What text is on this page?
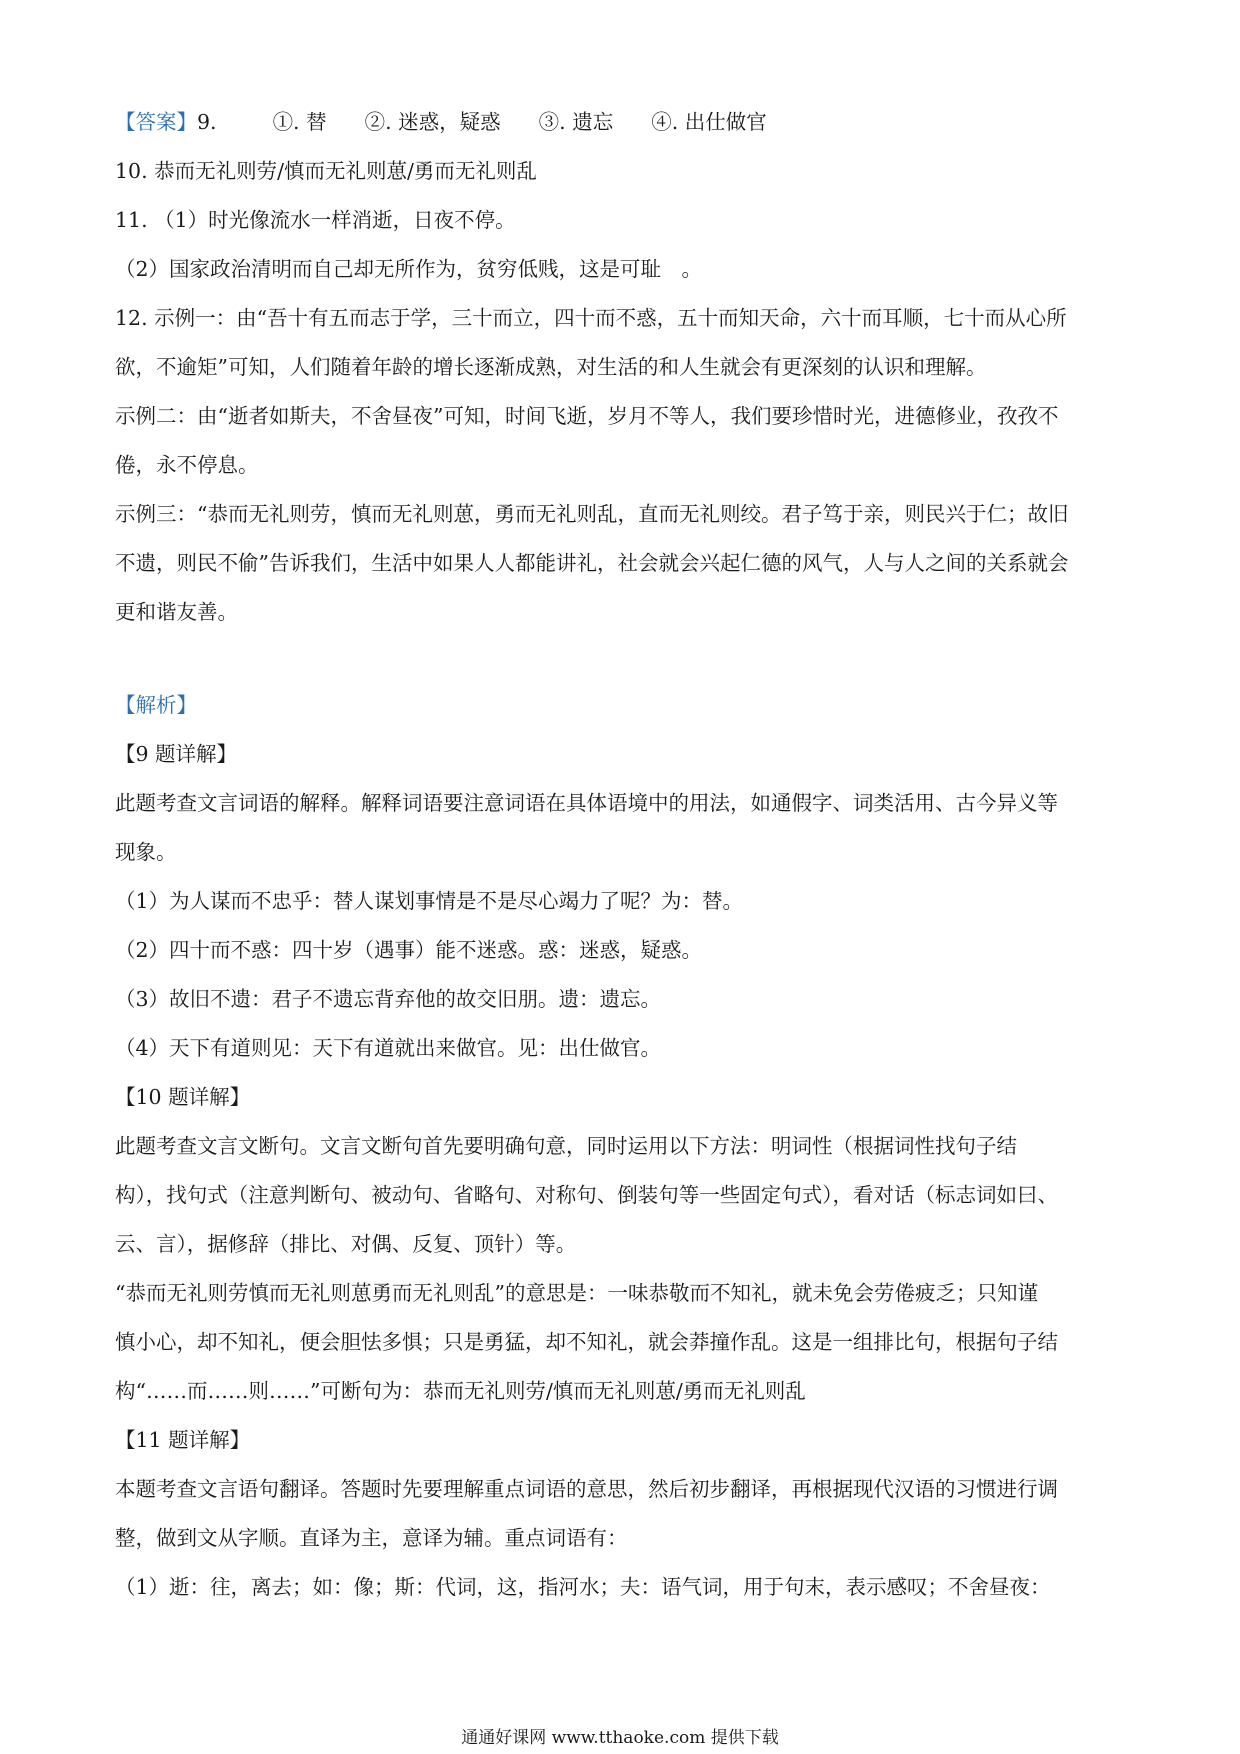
【答案】9.	①. 替 ②. 迷惑，疑惑 ③. 遗忘 ④. 出仕做官
10. 恭而无礼则劳/慎而无礼则葸/勇而无礼则乱
11. （1）时光像流水一样消逝，日夜不停。
（2）国家政治清明而自己却无所作为，贫穷低贱，这是可耻　。
12. 示例一：由“吾十有五而志于学，三十而立，四十而不惑，五十而知天命，六十而耳顺，七十而从心所
欲，不逾矩”可知，人们随着年龄的增长逐渐成熟，对生活的和人生就会有更深刻的认识和理解。
示例二：由“逝者如斯夫，不舍昼夜”可知，时间飞逝，岁月不等人，我们要珍惜时光，进德修业，孜孜不
倦，永不停息。
示例三：“恭而无礼则劳，慎而无礼则葸，勇而无礼则乱，直而无礼则绞。君子笃于亲，则民兴于仁；故旧
不遗，则民不偷”告诉我们，生活中如果人人都能讲礼，社会就会兴起仁德的风气，人与人之间的关系就会
更和谐友善。
【解析】
【9 题详解】
此题考查文言词语的解释。解释词语要注意词语在具体语境中的用法，如通假字、词类活用、古今异义等
现象。
（1）为人谋而不忠乎：替人谋划事情是不是尽心竭力了呢？为：替。
（2）四十而不惑：四十岁（遇事）能不迷惑。惑：迷惑，疑惑。
（3）故旧不遗：君子不遗忘背弃他的故交旧朋。遗：遗忘。
（4）天下有道则见：天下有道就出来做官。见：出仕做官。
【10 题详解】
此题考查文言文断句。文言文断句首先要明确句意，同时运用以下方法：明词性（根据词性找句子结
构），找句式（注意判断句、被动句、省略句、对称句、倒装句等一些固定句式），看对话（标志词如曰、
云、言），据修辞（排比、对偶、反复、顶针）等。
“恭而无礼则劳慎而无礼则葸勇而无礼则乱”的意思是：一味恭敬而不知礼，就未免会劳倦疲乏；只知谨
慎小心，却不知礼，便会胆怯多惧；只是勇猛，却不知礼，就会莽撞作乱。这是一组排比句，根据句子结
构“……而……则……”可断句为：恭而无礼则劳/慎而无礼则葸/勇而无礼则乱
【11 题详解】
本题考查文言语句翻译。答题时先要理解重点词语的意思，然后初步翻译，再根据现代汉语的习惯进行调
整，做到文从字顺。直译为主，意译为辅。重点词语有：
（1）逝：往，离去；如：像；斯：代词，这，指河水；夫：语气词，用于句末，表示感叹；不舍昼夜：
通通好课网 www.tthaoke.com 提供下载
